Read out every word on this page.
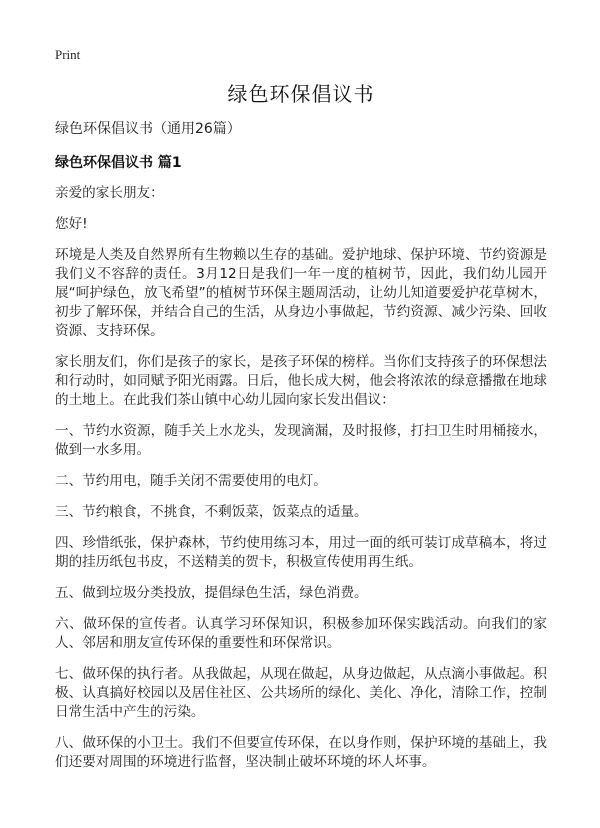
Print
绿色环保倡议书

绿色环保倡议书（通用26篇）

绿色环保倡议书 篇1

亲爱的家长朋友：

您好!

环境是人类及自然界所有生物赖以生存的基础。爱护地球、保护环境、节约资源是我们义不容辞的责任。3月12日是我们一年一度的植树节，因此，我们幼儿园开展“呵护绿色，放飞希望”的植树节环保主题周活动，让幼儿知道要爱护花草树木，初步了解环保，并结合自己的生活，从身边小事做起，节约资源、减少污染、回收资源、支持环保。

家长朋友们，你们是孩子的家长，是孩子环保的榜样。当你们支持孩子的环保想法和行动时，如同赋予阳光雨露。日后，他长成大树，他会将浓浓的绿意播撒在地球的土地上。在此我们茶山镇中心幼儿园向家长发出倡议：

一、节约水资源，随手关上水龙头，发现滴漏，及时报修，打扫卫生时用桶接水，做到一水多用。

二、节约用电，随手关闭不需要使用的电灯。

三、节约粮食，不挑食，不剩饭菜，饭菜点的适量。

四、珍惜纸张，保护森林，节约使用练习本，用过一面的纸可装订成草稿本，将过期的挂历纸包书皮，不送精美的贺卡，积极宣传使用再生纸。

五、做到垃圾分类投放，提倡绿色生活，绿色消费。

六、做环保的宣传者。认真学习环保知识，积极参加环保实践活动。向我们的家人、邻居和朋友宣传环保的重要性和环保常识。

七、做环保的执行者。从我做起，从现在做起，从身边做起，从点滴小事做起。积极、认真搞好校园以及居住社区、公共场所的绿化、美化、净化，清除工作，控制日常生活中产生的污染。

八、做环保的小卫士。我们不但要宣传环保，在以身作则，保护环境的基础上，我们还要对周围的环境进行监督，坚决制止破坏环境的坏人坏事。
